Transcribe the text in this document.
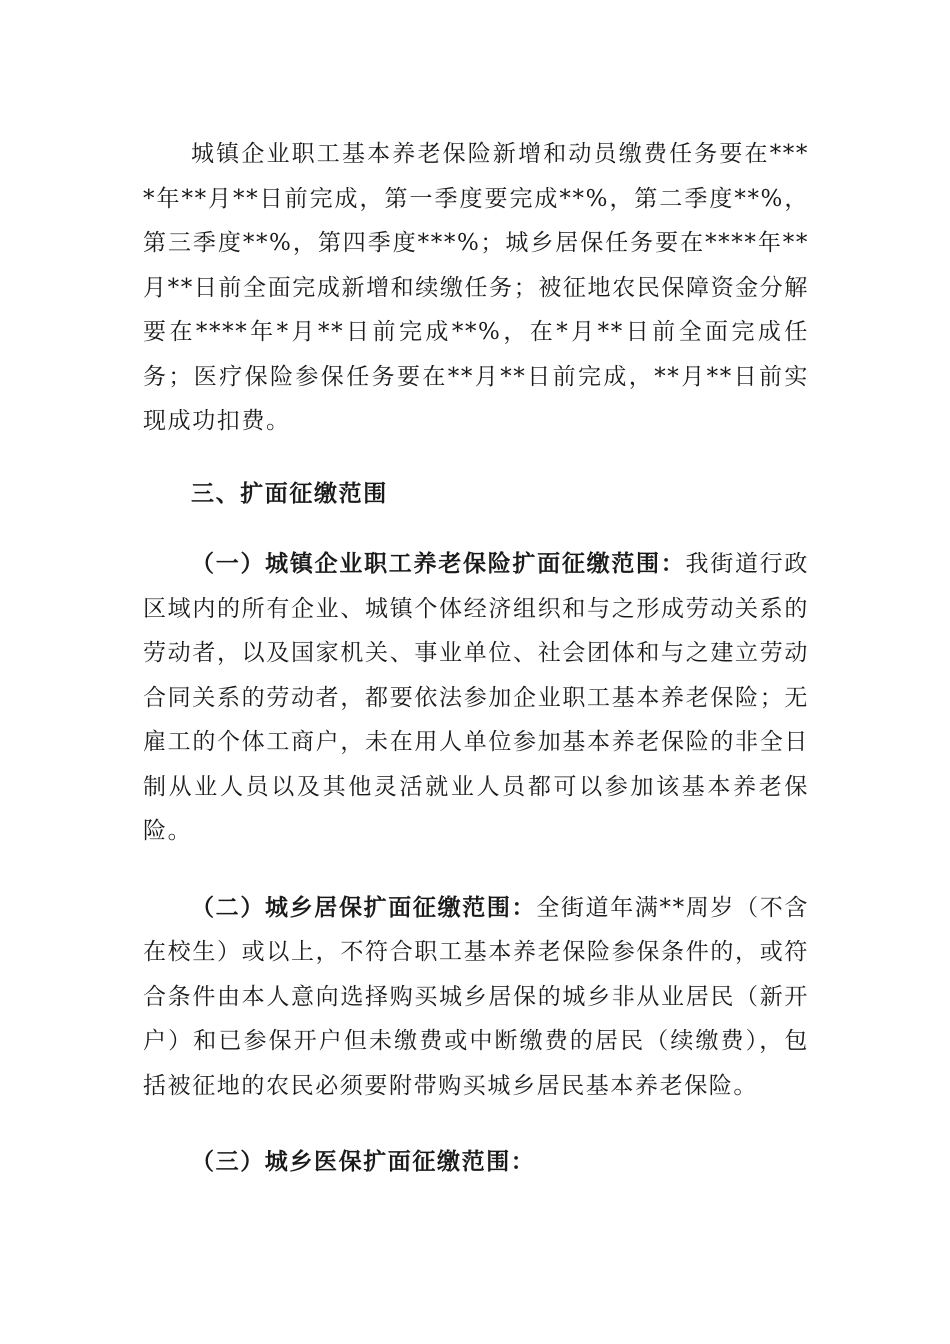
城镇企业职工基本养老保险新增和动员缴费任务要在****年**月**日前完成，第一季度要完成**%，第二季度**%，第三季度**%，第四季度***%；城乡居保任务要在****年**月**日前全面完成新增和续缴任务；被征地农民保障资金分解要在****年*月**日前完成**%，在*月**日前全面完成任务；医疗保险参保任务要在**月**日前完成，**月**日前实现成功扣费。

三、扩面征缴范围

（一）城镇企业职工养老保险扩面征缴范围：我街道行政区域内的所有企业、城镇个体经济组织和与之形成劳动关系的劳动者，以及国家机关、事业单位、社会团体和与之建立劳动合同关系的劳动者，都要依法参加企业职工基本养老保险；无雇工的个体工商户，未在用人单位参加基本养老保险的非全日制从业人员以及其他灵活就业人员都可以参加该基本养老保险。

（二）城乡居保扩面征缴范围：全街道年满**周岁（不含在校生）或以上，不符合职工基本养老保险参保条件的，或符合条件由本人意向选择购买城乡居保的城乡非从业居民（新开户）和已参保开户但未缴费或中断缴费的居民（续缴费），包括被征地的农民必须要附带购买城乡居民基本养老保险。

（三）城乡医保扩面征缴范围：
